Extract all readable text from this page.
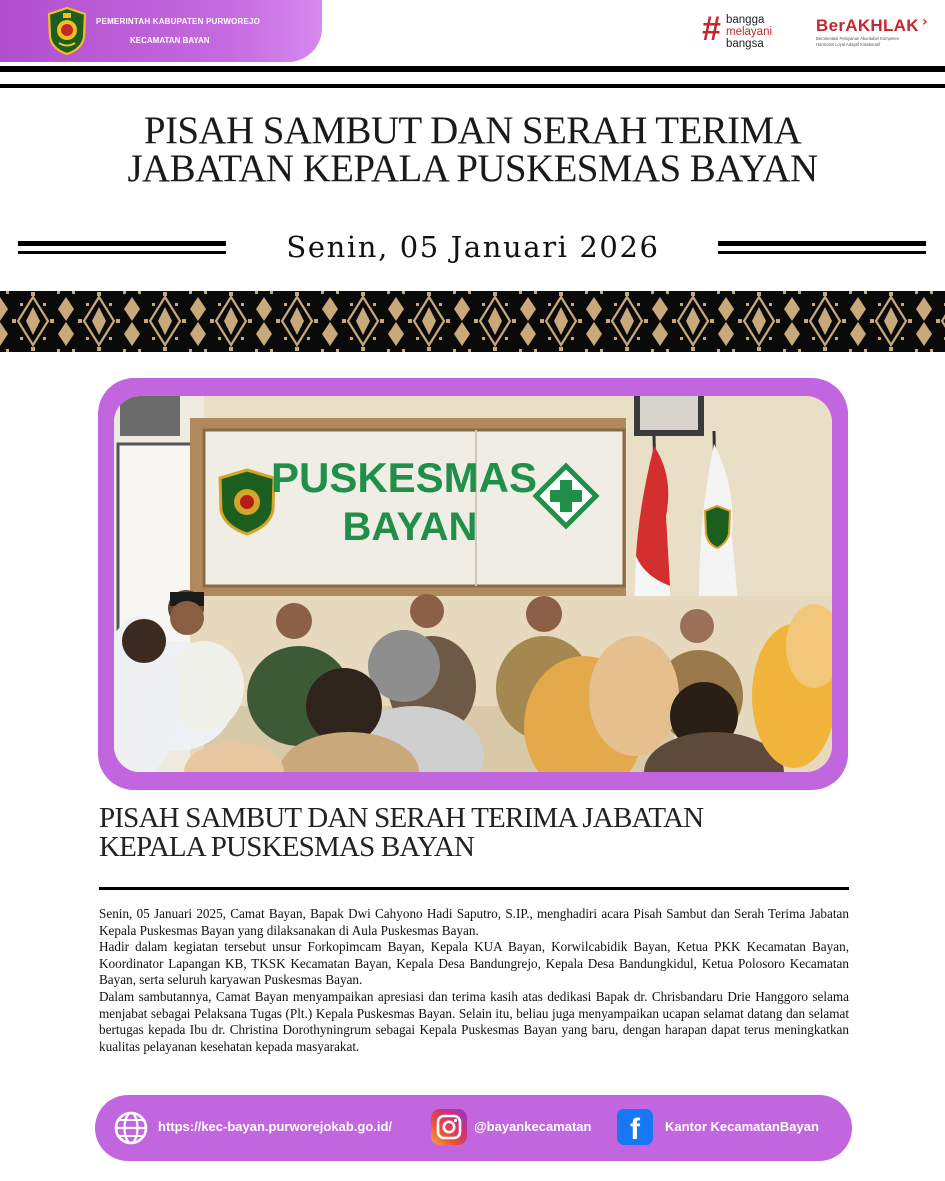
PEMERINTAH KABUPATEN PURWOREJO
KECAMATAN BAYAN	# bangga
melayani
bangsa
BerAKHLAK ›
Berorientasi Pelayanan Akuntabel Kompeten
Harmonis Loyal Adaptif Kolaboratif
PISAH SAMBUT DAN SERAH TERIMA
JABATAN KEPALA PUSKESMAS BAYAN
Senin, 05 Januari 2026
PUSKESMAS
BAYAN
PISAH SAMBUT DAN SERAH TERIMA JABATAN
KEPALA PUSKESMAS BAYAN

Senin, 05 Januari 2025, Camat Bayan, Bapak Dwi Cahyono Hadi Saputro, S.IP., menghadiri acara Pisah Sambut dan Serah Terima Jabatan Kepala Puskesmas Bayan yang dilaksanakan di Aula Puskesmas Bayan.

Hadir dalam kegiatan tersebut unsur Forkopimcam Bayan, Kepala KUA Bayan, Korwilcabidik Bayan, Ketua PKK Kecamatan Bayan, Koordinator Lapangan KB, TKSK Kecamatan Bayan, Kepala Desa Bandungrejo, Kepala Desa Bandungkidul, Ketua Polosoro Kecamatan Bayan, serta seluruh karyawan Puskesmas Bayan.

Dalam sambutannya, Camat Bayan menyampaikan apresiasi dan terima kasih atas dedikasi Bapak dr. Chrisbandaru Drie Hanggoro selama menjabat sebagai Pelaksana Tugas (Plt.) Kepala Puskesmas Bayan. Selain itu, beliau juga menyampaikan ucapan selamat datang dan selamat bertugas kepada Ibu dr. Christina Dorothyningrum sebagai Kepala Puskesmas Bayan yang baru, dengan harapan dapat terus meningkatkan kualitas pelayanan kesehatan kepada masyarakat.

https://kec-bayan.purworejokab.go.id/	@bayankecamatan	f	Kantor KecamatanBayan
